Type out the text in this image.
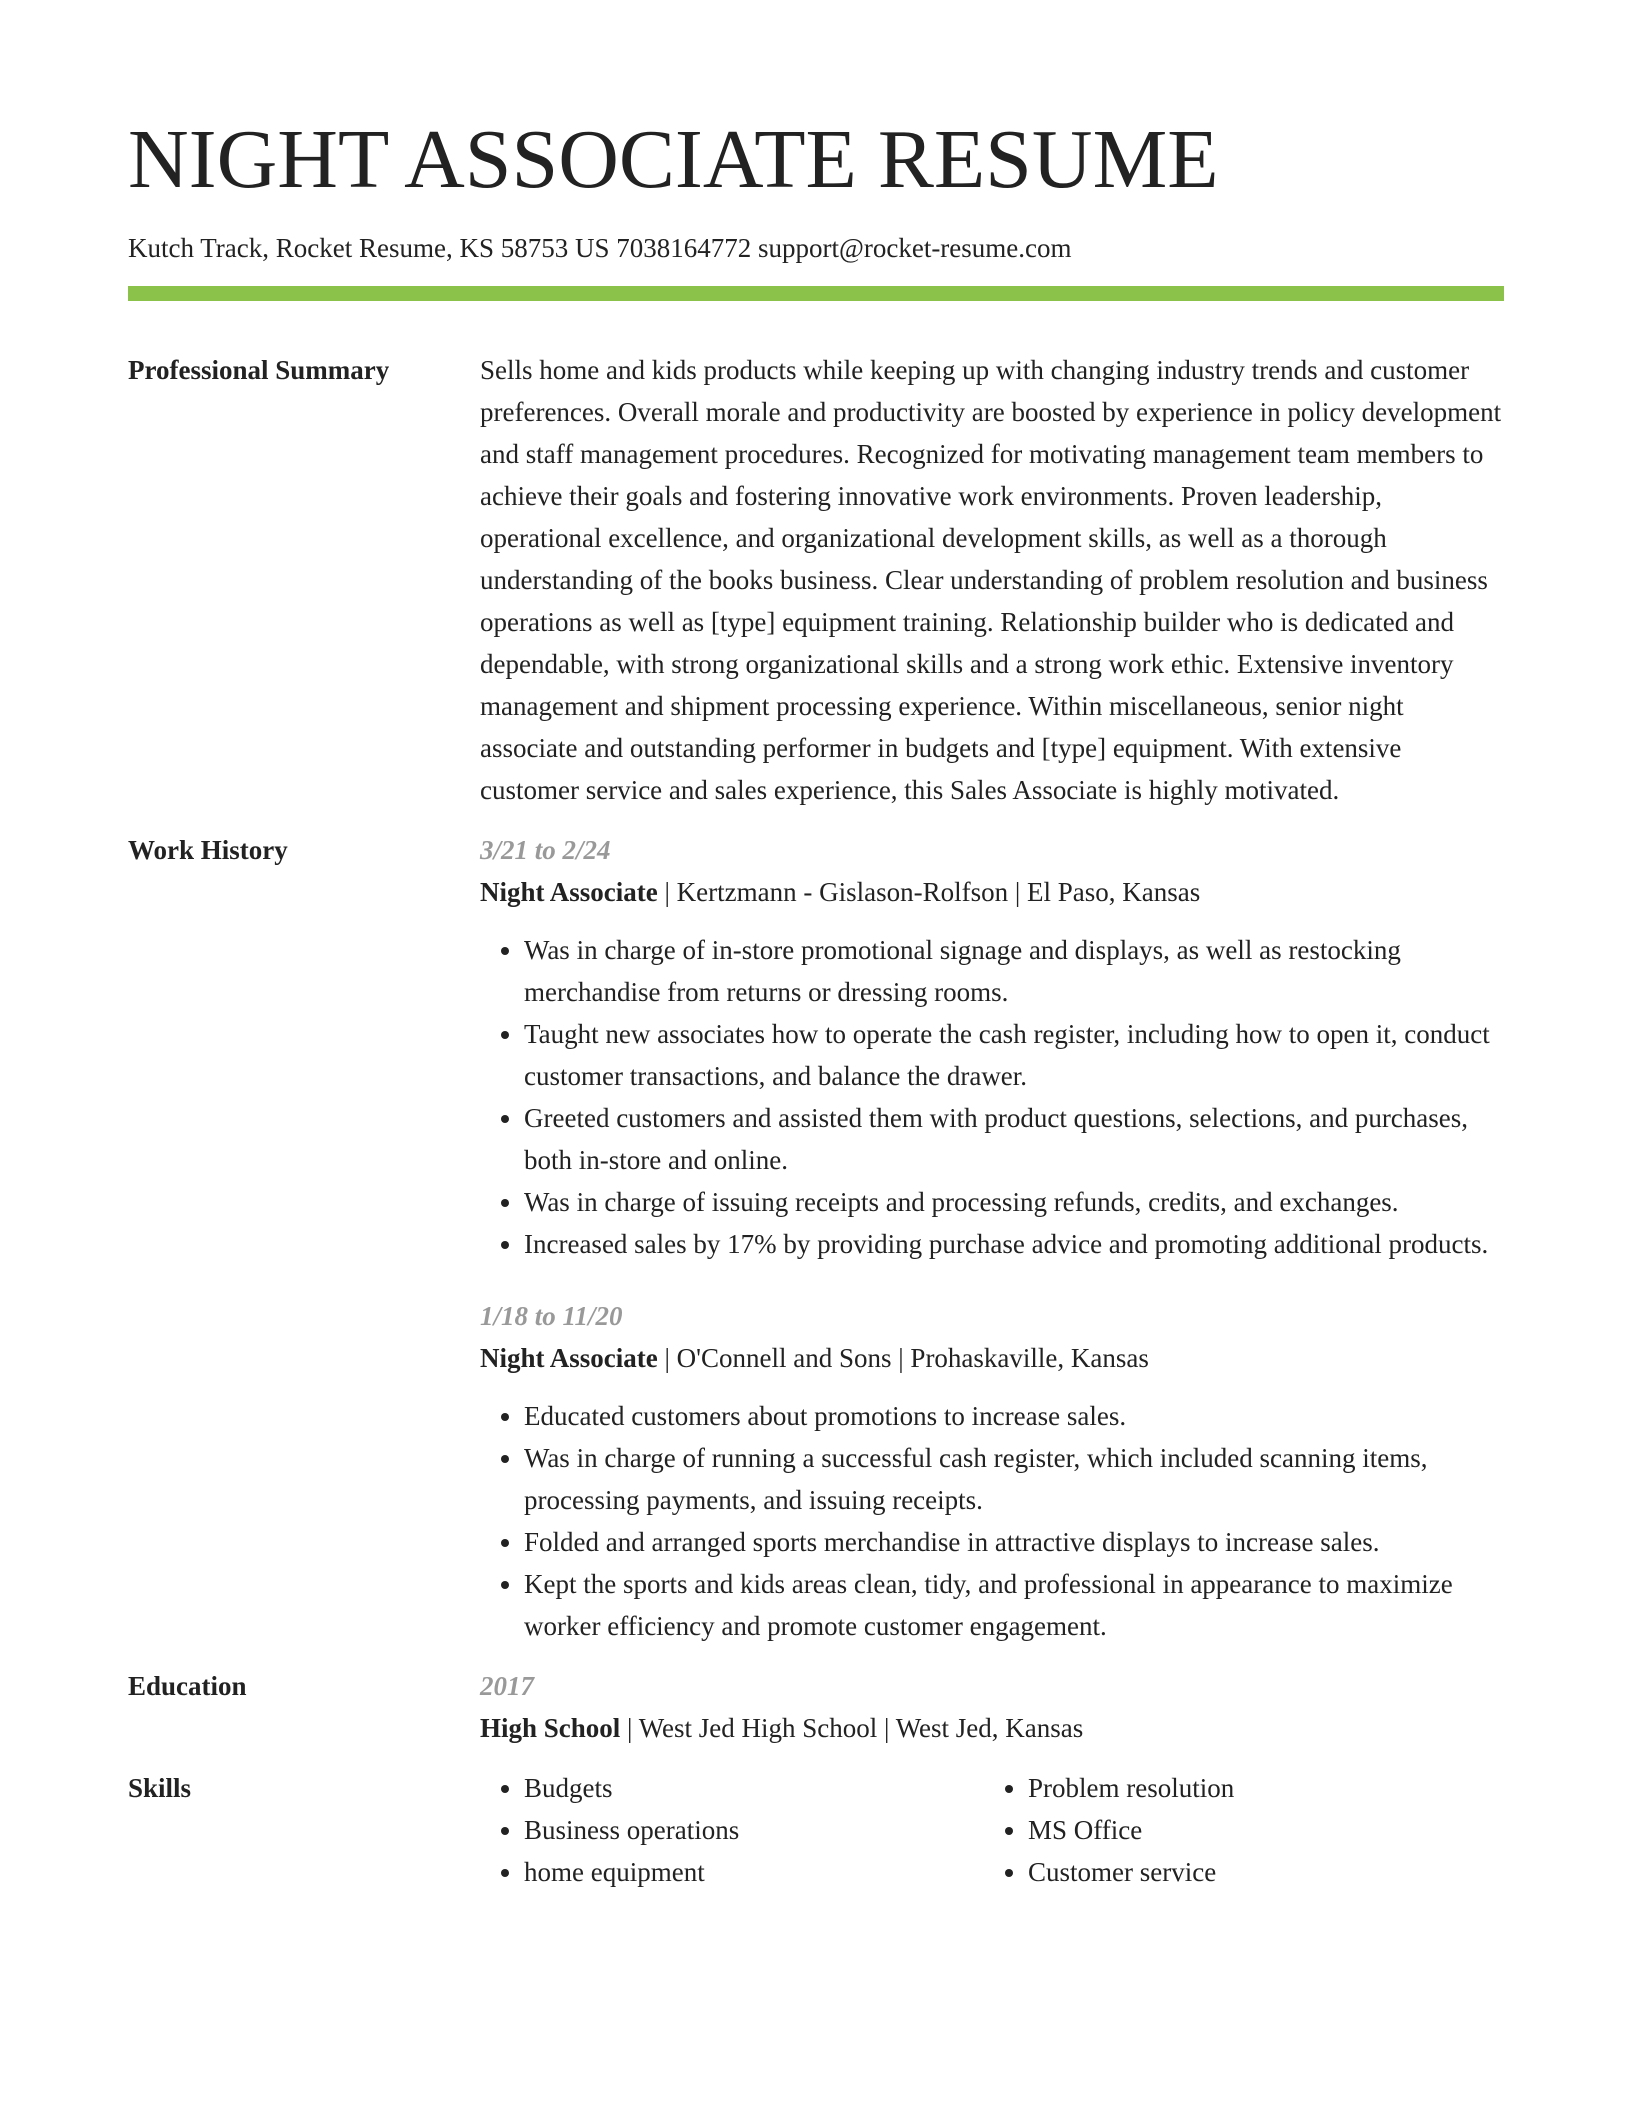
NIGHT ASSOCIATE RESUME
Kutch Track, Rocket Resume, KS 58753 US 7038164772 support@rocket-resume.com
Professional Summary	Sells home and kids products while keeping up with changing industry trends and customer preferences. Overall morale and productivity are boosted by experience in policy development and staff management procedures. Recognized for motivating management team members to achieve their goals and fostering innovative work environments. Proven leadership, operational excellence, and organizational development skills, as well as a thorough understanding of the books business. Clear understanding of problem resolution and business operations as well as [type] equipment training. Relationship builder who is dedicated and dependable, with strong organizational skills and a strong work ethic. Extensive inventory management and shipment processing experience. Within miscellaneous, senior night associate and outstanding performer in budgets and [type] equipment. With extensive customer service and sales experience, this Sales Associate is highly motivated.
Work History	3/21 to 2/24
Night Associate | Kertzmann - Gislason-Rolfson | El Paso, Kansas
• Was in charge of in-store promotional signage and displays, as well as restocking merchandise from returns or dressing rooms.
• Taught new associates how to operate the cash register, including how to open it, conduct customer transactions, and balance the drawer.
• Greeted customers and assisted them with product questions, selections, and purchases, both in-store and online.
• Was in charge of issuing receipts and processing refunds, credits, and exchanges.
• Increased sales by 17% by providing purchase advice and promoting additional products.
1/18 to 11/20
Night Associate | O'Connell and Sons | Prohaskaville, Kansas
• Educated customers about promotions to increase sales.
• Was in charge of running a successful cash register, which included scanning items, processing payments, and issuing receipts.
• Folded and arranged sports merchandise in attractive displays to increase sales.
• Kept the sports and kids areas clean, tidy, and professional in appearance to maximize worker efficiency and promote customer engagement.
Education	2017
High School | West Jed High School | West Jed, Kansas
Skills
•	Budgets
• Business operations
• home equipment
• Problem resolution
• MS Office
• Customer service
